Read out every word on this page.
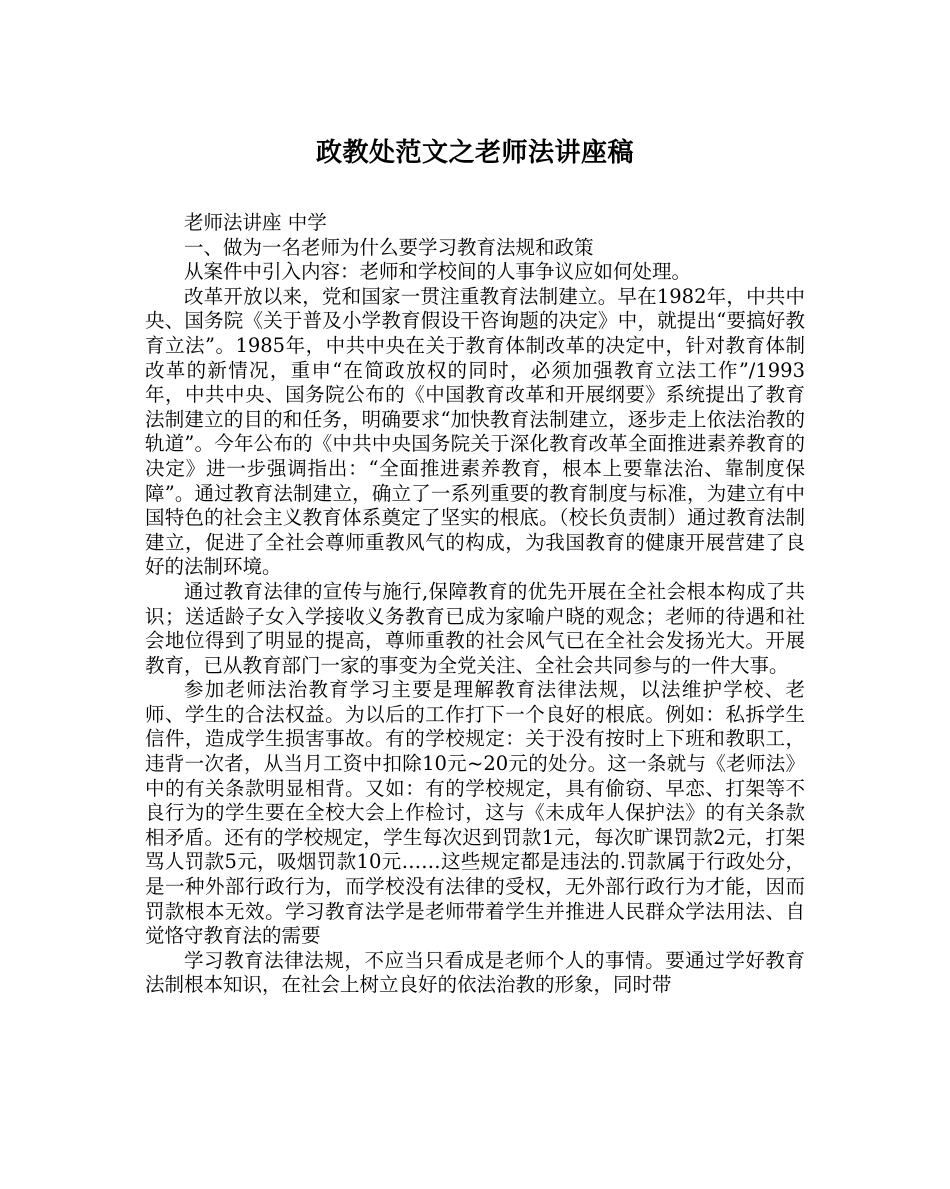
政教处范文之老师法讲座稿

老师法讲座 中学

一、做为一名老师为什么要学习教育法规和政策

从案件中引入内容：老师和学校间的人事争议应如何处理。

改革开放以来，党和国家一贯注重教育法制建立。早在1982年，中共中央、国务院《关于普及小学教育假设干咨询题的决定》中，就提出“要搞好教育立法”。1985年，中共中央在关于教育体制改革的决定中，针对教育体制改革的新情况，重申“在简政放权的同时，必须加强教育立法工作”/1993年，中共中央、国务院公布的《中国教育改革和开展纲要》系统提出了教育法制建立的目的和任务，明确要求“加快教育法制建立，逐步走上依法治教的轨道”。今年公布的《中共中央国务院关于深化教育改革全面推进素养教育的决定》进一步强调指出：“全面推进素养教育，根本上要靠法治、靠制度保障”。通过教育法制建立，确立了一系列重要的教育制度与标准，为建立有中国特色的社会主义教育体系奠定了坚实的根底。（校长负责制）通过教育法制建立，促进了全社会尊师重教风气的构成，为我国教育的健康开展营建了良好的法制环境。

通过教育法律的宣传与施行,保障教育的优先开展在全社会根本构成了共识；送适龄子女入学接收义务教育已成为家喻户晓的观念；老师的待遇和社会地位得到了明显的提高，尊师重教的社会风气已在全社会发扬光大。开展教育，已从教育部门一家的事变为全党关注、全社会共同参与的一件大事。

参加老师法治教育学习主要是理解教育法律法规，以法维护学校、老师、学生的合法权益。为以后的工作打下一个良好的根底。例如：私拆学生信件，造成学生损害事故。有的学校规定：关于没有按时上下班和教职工，违背一次者，从当月工资中扣除10元~20元的处分。这一条就与《老师法》中的有关条款明显相背。又如：有的学校规定，具有偷窃、早恋、打架等不良行为的学生要在全校大会上作检讨，这与《未成年人保护法》的有关条款相矛盾。还有的学校规定，学生每次迟到罚款1元，每次旷课罚款2元，打架骂人罚款5元，吸烟罚款10元……这些规定都是违法的.罚款属于行政处分，是一种外部行政行为，而学校没有法律的受权，无外部行政行为才能，因而罚款根本无效。学习教育法学是老师带着学生并推进人民群众学法用法、自觉恪守教育法的需要

学习教育法律法规，不应当只看成是老师个人的事情。要通过学好教育法制根本知识，在社会上树立良好的依法治教的形象，同时带
